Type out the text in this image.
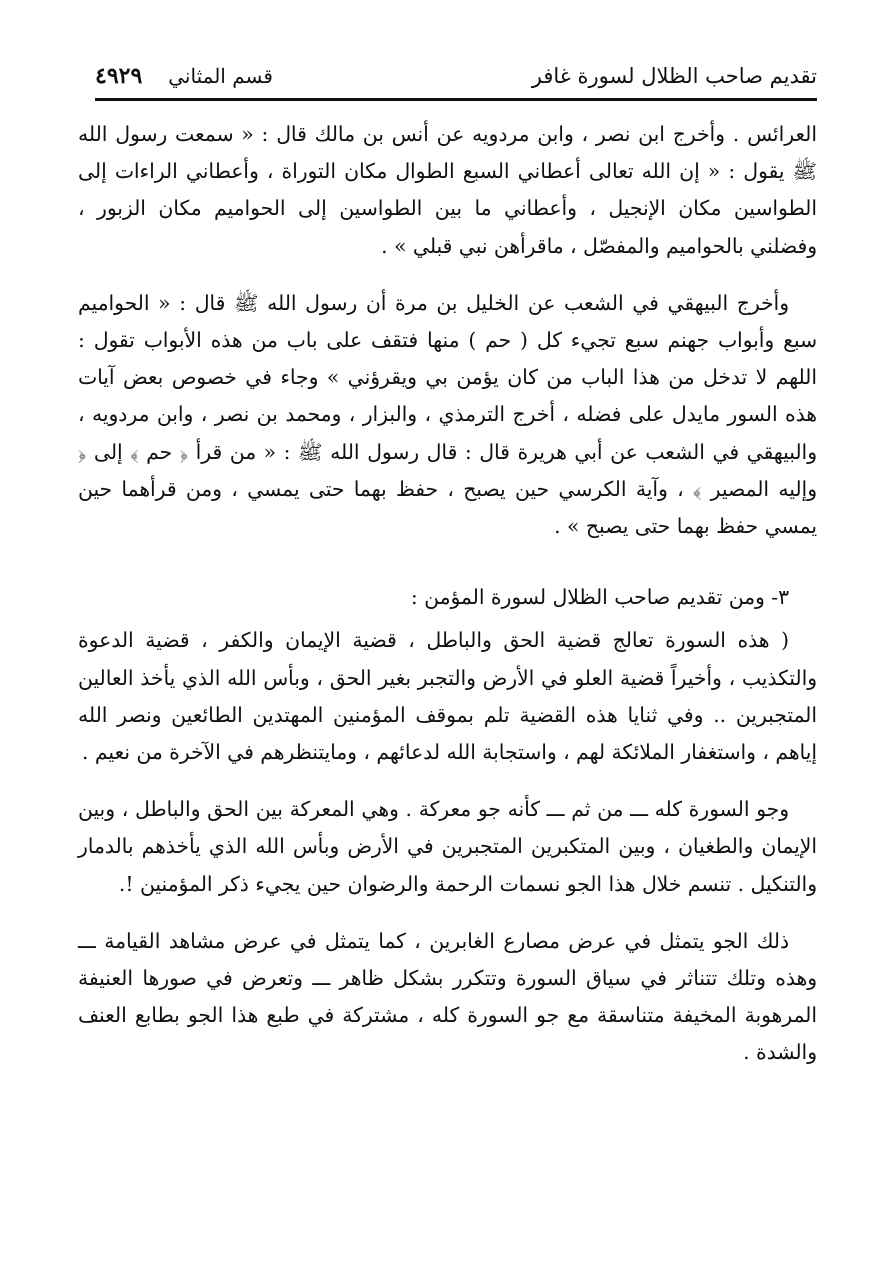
تقديم صاحب الظلال لسورة غافر
٤٩٢٩ قسم المثاني

العرائس . وأخرج ابن نصر ، وابن مردويه عن أنس بن مالك قال : « سمعت رسول الله ﷺ يقول : « إن الله تعالى أعطاني السبع الطوال مكان التوراة ، وأعطاني الراءات إلى الطواسين مكان الإنجيل ، وأعطاني ما بين الطواسين إلى الحواميم مكان الزبور ، وفضلني بالحواميم والمفصّل ، ماقرأهن نبي قبلي » .

وأخرج البيهقي في الشعب عن الخليل بن مرة أن رسول الله ﷺ قال : « الحواميم سبع وأبواب جهنم سبع تجيء كل ( حم ) منها فتقف على باب من هذه الأبواب تقول : اللهم لا تدخل من هذا الباب من كان يؤمن بي ويقرؤني » وجاء في خصوص بعض آيات هذه السور مايدل على فضله ، أخرج الترمذي ، والبزار ، ومحمد بن نصر ، وابن مردويه ، والبيهقي في الشعب عن أبي هريرة قال : قال رسول الله ﷺ : « من قرأ ﴿ حم ﴾ إلى ﴿ وإليه المصير ﴾ ، وآية الكرسي حين يصبح ، حفظ بهما حتى يمسي ، ومن قرأهما حين يمسي حفظ بهما حتى يصبح » .

٣- ومن تقديم صاحب الظلال لسورة المؤمن :

( هذه السورة تعالج قضية الحق والباطل ، قضية الإيمان والكفر ، قضية الدعوة والتكذيب ، وأخيراً قضية العلو في الأرض والتجبر بغير الحق ، وبأس الله الذي يأخذ العالين المتجبرين .. وفي ثنايا هذه القضية تلم بموقف المؤمنين المهتدين الطائعين ونصر الله إياهم ، واستغفار الملائكة لهم ، واستجابة الله لدعائهم ، ومايتنظرهم في الآخرة من نعيم .

وجو السورة كله ـــ من ثم ـــ كأنه جو معركة . وهي المعركة بين الحق والباطل ، وبين الإيمان والطغيان ، وبين المتكبرين المتجبرين في الأرض وبأس الله الذي يأخذهم بالدمار والتنكيل . تنسم خلال هذا الجو نسمات الرحمة والرضوان حين يجيء ذكر المؤمنين !.

ذلك الجو يتمثل في عرض مصارع الغابرين ، كما يتمثل في عرض مشاهد القيامة ـــ وهذه وتلك تتناثر في سياق السورة وتتكرر بشكل ظاهر ـــ وتعرض في صورها العنيفة المرهوبة المخيفة متناسقة مع جو السورة كله ، مشتركة في طبع هذا الجو بطابع العنف والشدة .
